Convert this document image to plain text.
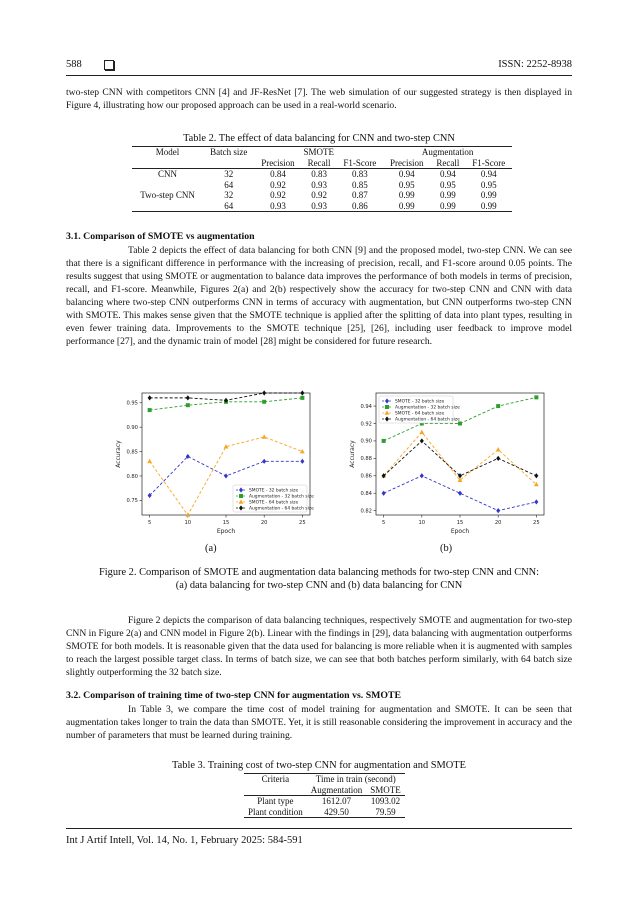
588	ISSN: 2252-8938

two-step CNN with competitors CNN [4] and JF-ResNet [7]. The web simulation of our suggested strategy is then displayed in Figure 4, illustrating how our proposed approach can be used in a real-world scenario.

Table 2. The effect of data balancing for CNN and two-step CNN
Model	Batch size	SMOTE			Augmentation		
		Precision	Recall	F1-Score	Precision	Recall	F1-Score
CNN	32	0.84	0.83	0.83	0.94	0.94	0.94
	64	0.92	0.93	0.85	0.95	0.95	0.95
Two-step CNN	32	0.92	0.92	0.87	0.99	0.99	0.99
	64	0.93	0.93	0.86	0.99	0.99	0.99
3.1. Comparison of SMOTE vs augmentation

Table 2 depicts the effect of data balancing for both CNN [9] and the proposed model, two-step CNN. We can see that there is a significant difference in performance with the increasing of precision, recall, and F1-score around 0.05 points. The results suggest that using SMOTE or augmentation to balance data improves the performance of both models in terms of precision, recall, and F1-score. Meanwhile, Figures 2(a) and 2(b) respectively show the accuracy for two-step CNN and CNN with data balancing where two-step CNN outperforms CNN in terms of accuracy with augmentation, but CNN outperforms two-step CNN with SMOTE. This makes sense given that the SMOTE technique is applied after the splitting of data into plant types, resulting in even fewer training data. Improvements to the SMOTE technique [25], [26], including user feedback to improve model performance [27], and the dynamic train of model [28] might be considered for future research.

5	10	15	20	25
0.75
0.80
0.85
0.90
0.95
Epoch
Accuracy
SMOTE - 32 batch size
Augmentation - 32 batch size
SMOTE - 64 batch size
Augmentation - 64 batch size
5	10	15	20	25
0.82
0.84
0.86
0.88
0.90
0.92
0.94
Epoch
Accuracy
SMOTE - 32 batch size
Augmentation - 32 batch size
SMOTE - 64 batch size
Augmentation - 64 batch size
(a)	(b)
Figure 2. Comparison of SMOTE and augmentation data balancing methods for two-step CNN and CNN:
(a) data balancing for two-step CNN and (b) data balancing for CNN

Figure 2 depicts the comparison of data balancing techniques, respectively SMOTE and augmentation for two-step CNN in Figure 2(a) and CNN model in Figure 2(b). Linear with the findings in [29], data balancing with augmentation outperforms SMOTE for both models. It is reasonable given that the data used for balancing is more reliable when it is augmented with samples to reach the largest possible target class. In terms of batch size, we can see that both batches perform similarly, with 64 batch size slightly outperforming the 32 batch size.

3.2. Comparison of training time of two-step CNN for augmentation vs. SMOTE

In Table 3, we compare the time cost of model training for augmentation and SMOTE. It can be seen that augmentation takes longer to train the data than SMOTE. Yet, it is still reasonable considering the improvement in accuracy and the number of parameters that must be learned during training.

Table 3. Training cost of two-step CNN for augmentation and SMOTE
Criteria	Time in train (second)	
	Augmentation	SMOTE
Plant type	1612.07	1093.02
Plant condition	429.50	79.59
Int J Artif Intell, Vol. 14, No. 1, February 2025: 584-591
